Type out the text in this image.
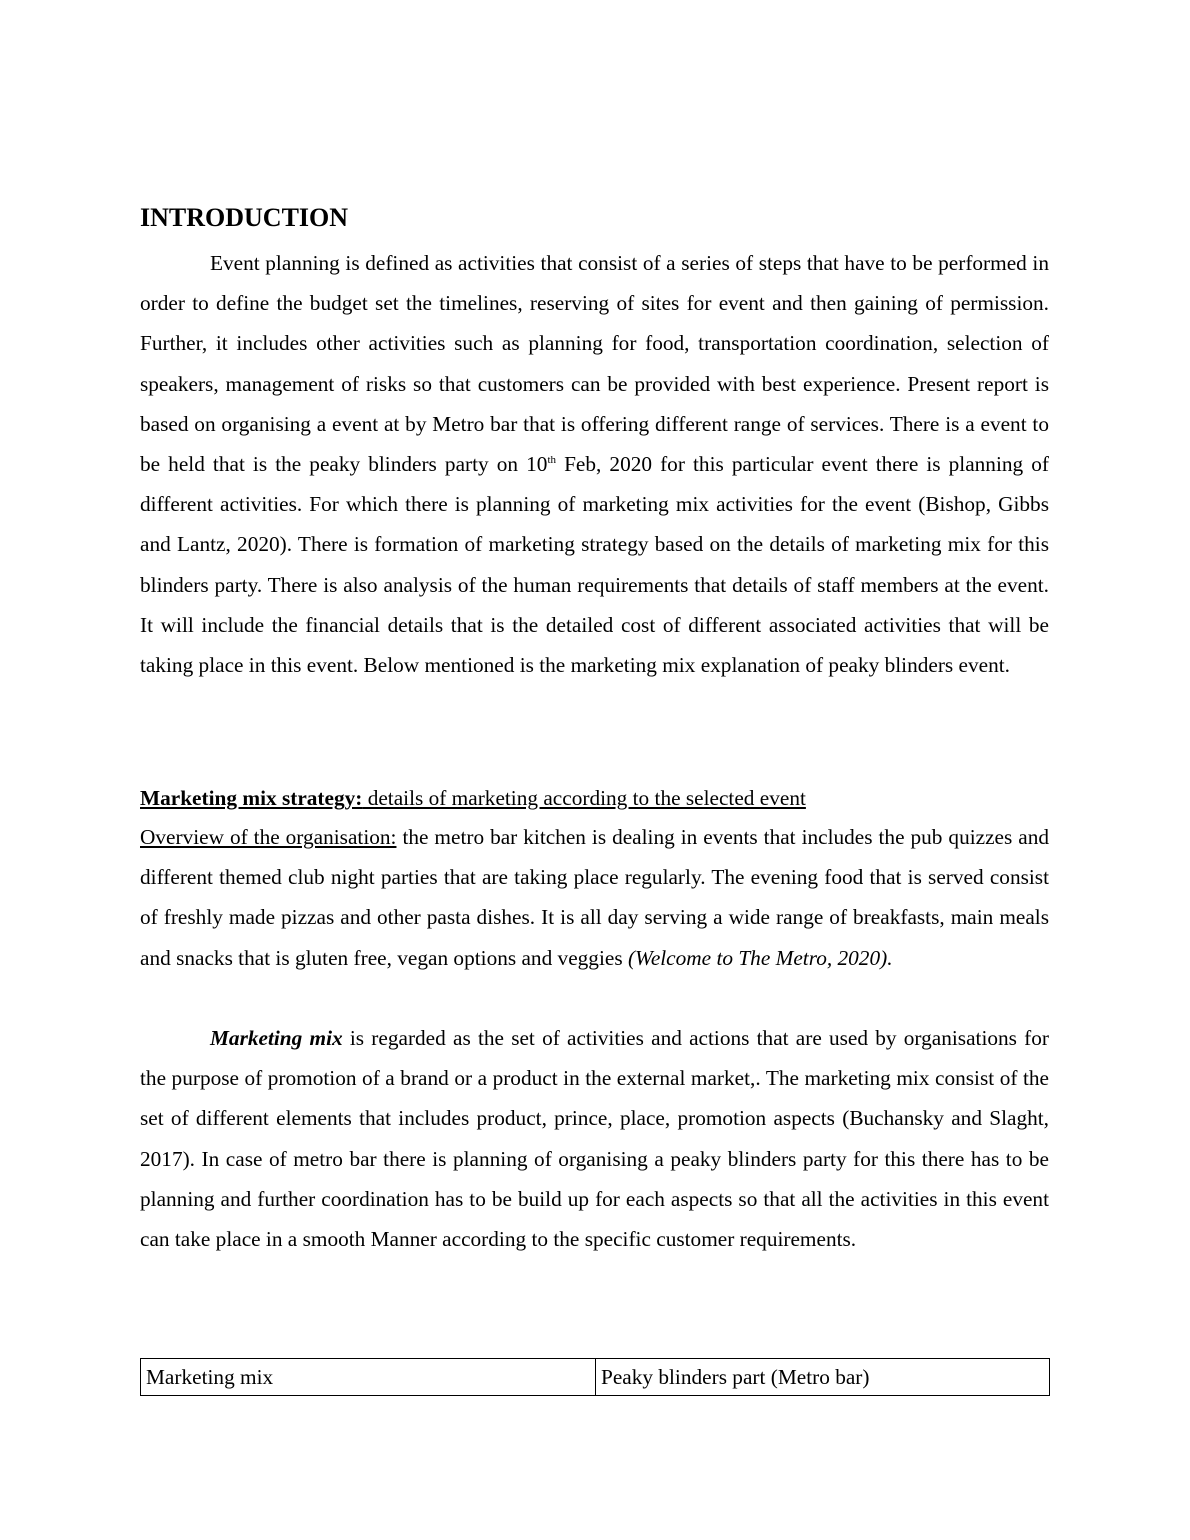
INTRODUCTION

Event planning is defined as activities that consist of a series of steps that have to be performed in order to define the budget set the timelines, reserving of sites for event and then gaining of permission. Further, it includes other activities such as planning for food, transportation coordination, selection of speakers, management of risks so that customers can be provided with best experience. Present report is based on organising a event at by Metro bar that is offering different range of services. There is a event to be held that is the peaky blinders party on 10th Feb, 2020 for this particular event there is planning of different activities. For which there is planning of marketing mix activities for the event (Bishop, Gibbs and Lantz, 2020). There is formation of marketing strategy based on the details of marketing mix for this blinders party. There is also analysis of the human requirements that details of staff members at the event. It will include the financial details that is the detailed cost of different associated activities that will be taking place in this event. Below mentioned is the marketing mix explanation of peaky blinders event.

Marketing mix strategy: details of marketing according to the selected event

Overview of the organisation: the metro bar kitchen is dealing in events that includes the pub quizzes and different themed club night parties that are taking place regularly. The evening food that is served consist of freshly made pizzas and other pasta dishes. It is all day serving a wide range of breakfasts, main meals and snacks that is gluten free, vegan options and veggies (Welcome to The Metro, 2020).

Marketing mix is regarded as the set of activities and actions that are used by organisations for the purpose of promotion of a brand or a product in the external market,. The marketing mix consist of the set of different elements that includes product, prince, place, promotion aspects (Buchansky and Slaght, 2017). In case of metro bar there is planning of organising a peaky blinders party for this there has to be planning and further coordination has to be build up for each aspects so that all the activities in this event can take place in a smooth Manner according to the specific customer requirements.

Marketing mix	Peaky blinders part (Metro bar)
